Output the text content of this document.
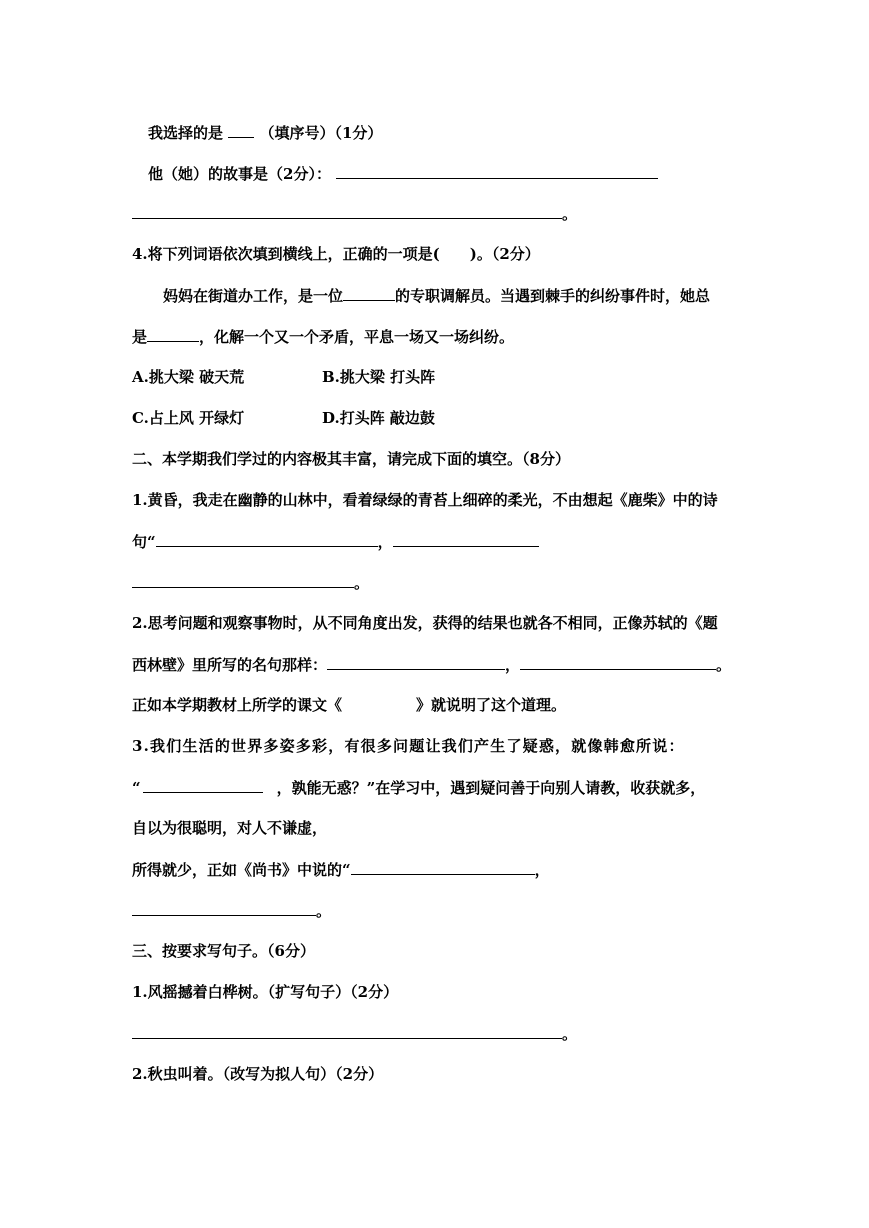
我选择的是 （填序号）（1分）
他（她）的故事是（2分）：
。
4.将下列词语依次填到横线上，正确的一项是(　　)。（2分）
妈妈在街道办工作，是一位	的专职调解员。当遇到棘手的纠纷事件时，她总
是	，化解一个又一个矛盾，平息一场又一场纠纷。
A.挑大梁 破天荒	B.挑大梁 打头阵
C.占上风 开绿灯	D.打头阵 敲边鼓
二、本学期我们学过的内容极其丰富，请完成下面的填空。（8分）
1.黄昏，我走在幽静的山林中，看着绿绿的青苔上细碎的柔光，不由想起《鹿柴》中的诗
句“	，
。
2.思考问题和观察事物时，从不同角度出发，获得的结果也就各不相同，正像苏轼的《题
西林壁》里所写的名句那样：	，	。
正如本学期教材上所学的课文《	》就说明了这个道理。
3.我们生活的世界多姿多彩，有很多问题让我们产生了疑惑，就像韩愈所说：
“	，孰能无惑？”在学习中，遇到疑问善于向别人请教，收获就多，
自以为很聪明，对人不谦虚，
所得就少，正如《尚书》中说的“	，
。
三、按要求写句子。（6分）
1.风摇撼着白桦树。（扩写句子）（2分）
。
2.秋虫叫着。（改写为拟人句）（2分）
